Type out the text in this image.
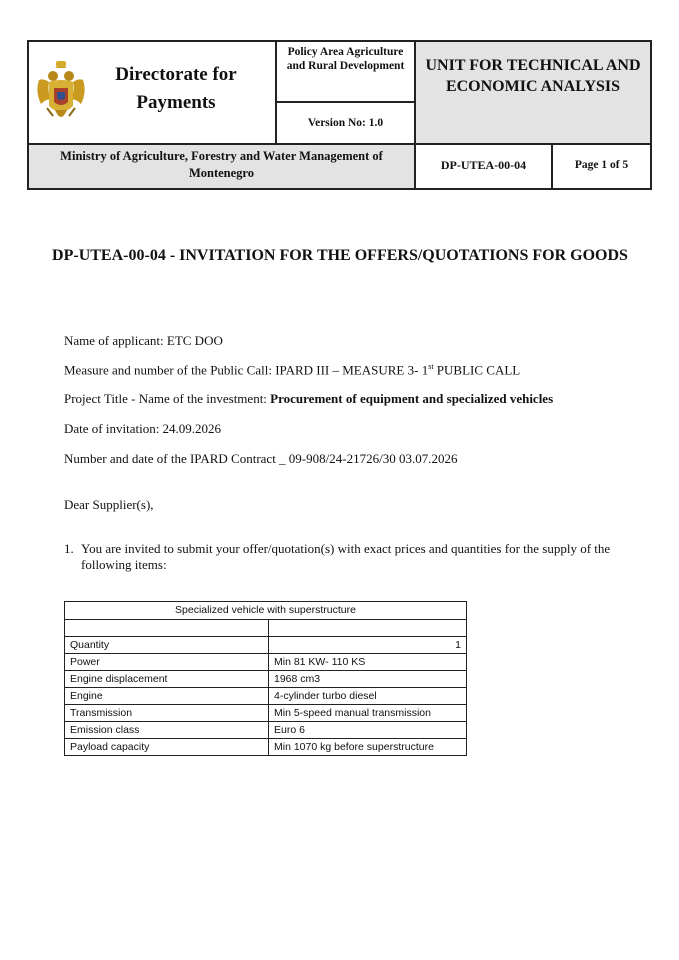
Directorate for Payments
Policy Area Agriculture and Rural Development
Version No: 1.0
UNIT FOR TECHNICAL AND ECONOMIC ANALYSIS
Ministry of Agriculture, Forestry and Water Management of Montenegro
DP-UTEA-00-04	Page 1 of 5
DP-UTEA-00-04 - INVITATION FOR THE OFFERS/QUOTATIONS FOR GOODS
Name of applicant: ETC DOO
Measure and number of the Public Call: IPARD III – MEASURE 3- 1st PUBLIC CALL
Project Title - Name of the investment: Procurement of equipment and specialized vehicles
Date of invitation: 24.09.2026
Number and date of the IPARD Contract _ 09-908/24-21726/30 03.07.2026
Dear Supplier(s),
1. You are invited to submit your offer/quotation(s) with exact prices and quantities for the supply of the following items:
Specialized vehicle with superstructure	

Quantity	1
Power	Min 81 KW- 110 KS
Engine displacement	1968 cm3
Engine	4-cylinder turbo diesel
Transmission	Min 5-speed manual transmission
Emission class	Euro 6
Payload capacity	Min 1070 kg before superstructure
